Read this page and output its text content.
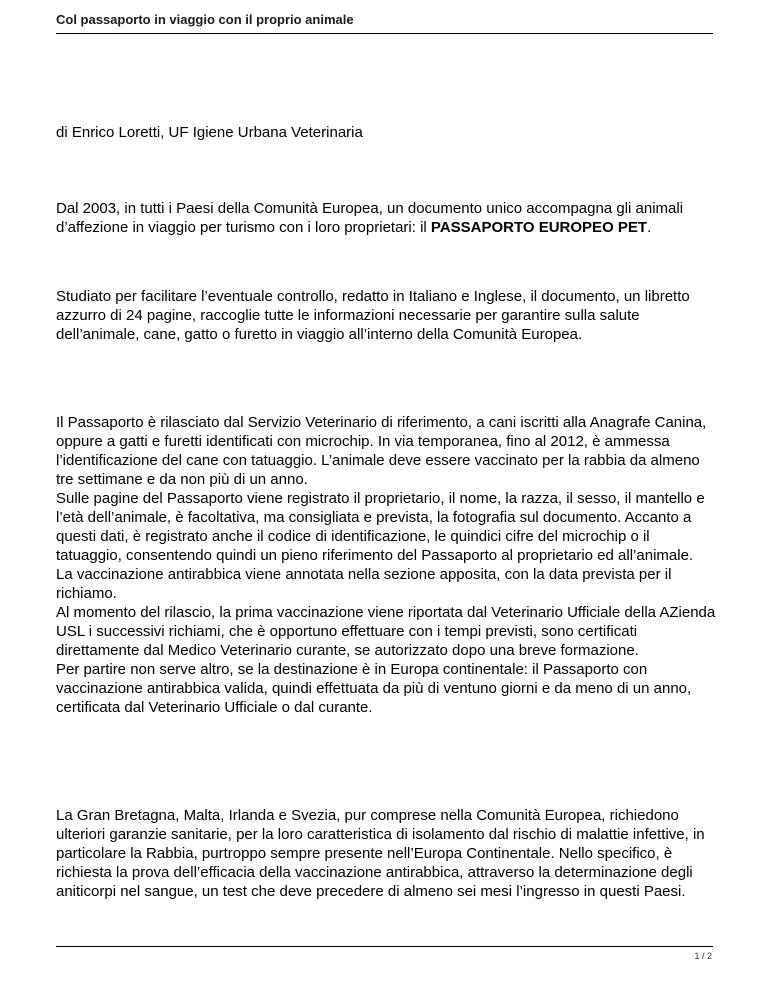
Col passaporto in viaggio con il proprio animale

di Enrico Loretti, UF Igiene Urbana Veterinaria

Dal 2003, in tutti i Paesi della Comunità Europea, un documento unico accompagna gli animali d’affezione in viaggio per turismo con i loro proprietari: il PASSAPORTO EUROPEO PET.

Studiato per facilitare l’eventuale controllo, redatto in Italiano e Inglese, il documento, un libretto azzurro di 24 pagine, raccoglie tutte le informazioni necessarie per garantire sulla salute dell’animale, cane, gatto o furetto in viaggio all’interno della Comunità Europea.

Il Passaporto è rilasciato dal Servizio Veterinario di riferimento, a cani iscritti alla Anagrafe Canina, oppure a gatti e furetti identificati con microchip. In via temporanea, fino al 2012, è ammessa l’identificazione del cane con tatuaggio. L’animale deve essere vaccinato per la rabbia da almeno tre settimane e da non più di un anno.

Sulle pagine del Passaporto viene registrato il proprietario, il nome, la razza, il sesso, il mantello e l’età dell’animale, è facoltativa, ma consigliata e prevista, la fotografia sul documento. Accanto a questi dati, è registrato anche il codice di identificazione, le quindici cifre del microchip o il tatuaggio, consentendo quindi un pieno riferimento del Passaporto al proprietario ed all’animale.

La vaccinazione antirabbica viene annotata nella sezione apposita, con la data prevista per il richiamo.

Al momento del rilascio, la prima vaccinazione viene riportata dal Veterinario Ufficiale della AZienda USL i successivi richiami, che è opportuno effettuare con i tempi previsti, sono certificati direttamente dal Medico Veterinario curante, se autorizzato dopo una breve formazione.

Per partire non serve altro, se la destinazione è in Europa continentale: il Passaporto con vaccinazione antirabbica valida, quindi effettuata da più di ventuno giorni e da meno di un anno, certificata dal Veterinario Ufficiale o dal curante.

La Gran Bretagna, Malta, Irlanda e Svezia, pur comprese nella Comunità Europea, richiedono ulteriori garanzie sanitarie, per la loro caratteristica di isolamento dal rischio di malattie infettive, in particolare la Rabbia, purtroppo sempre presente nell’Europa Continentale. Nello specifico, è richiesta la prova dell’efficacia della vaccinazione antirabbica, attraverso la determinazione degli aniticorpi nel sangue, un test che deve precedere di almeno sei mesi l’ingresso in questi Paesi.

1 / 2
